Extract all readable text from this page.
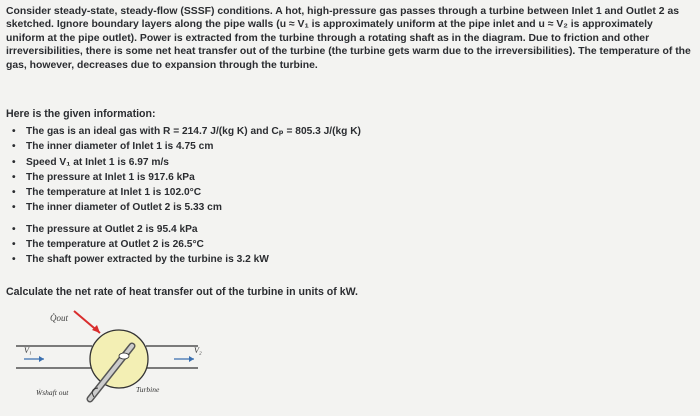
Consider steady-state, steady-flow (SSSF) conditions. A hot, high-pressure gas passes through a turbine between Inlet 1 and Outlet 2 as sketched. Ignore boundary layers along the pipe walls (u ≈ V₁ is approximately uniform at the pipe inlet and u ≈ V₂ is approximately uniform at the pipe outlet). Power is extracted from the turbine through a rotating shaft as in the diagram. Due to friction and other irreversibilities, there is some net heat transfer out of the turbine (the turbine gets warm due to the irreversibilities). The temperature of the gas, however, decreases due to expansion through the turbine.
Here is the given information:
• The gas is an ideal gas with R = 214.7 J/(kg K) and Cₚ = 805.3 J/(kg K)
• The inner diameter of Inlet 1 is 4.75 cm
• Speed V₁ at Inlet 1 is 6.97 m/s
• The pressure at Inlet 1 is 917.6 kPa
• The temperature at Inlet 1 is 102.0°C
• The inner diameter of Outlet 2 is 5.33 cm
• The pressure at Outlet 2 is 95.4 kPa
• The temperature at Outlet 2 is 26.5°C
• The shaft power extracted by the turbine is 3.2 kW
Calculate the net rate of heat transfer out of the turbine in units of kW.
Q̇out
V₁	V₂
Ẇshaft out	Turbine
